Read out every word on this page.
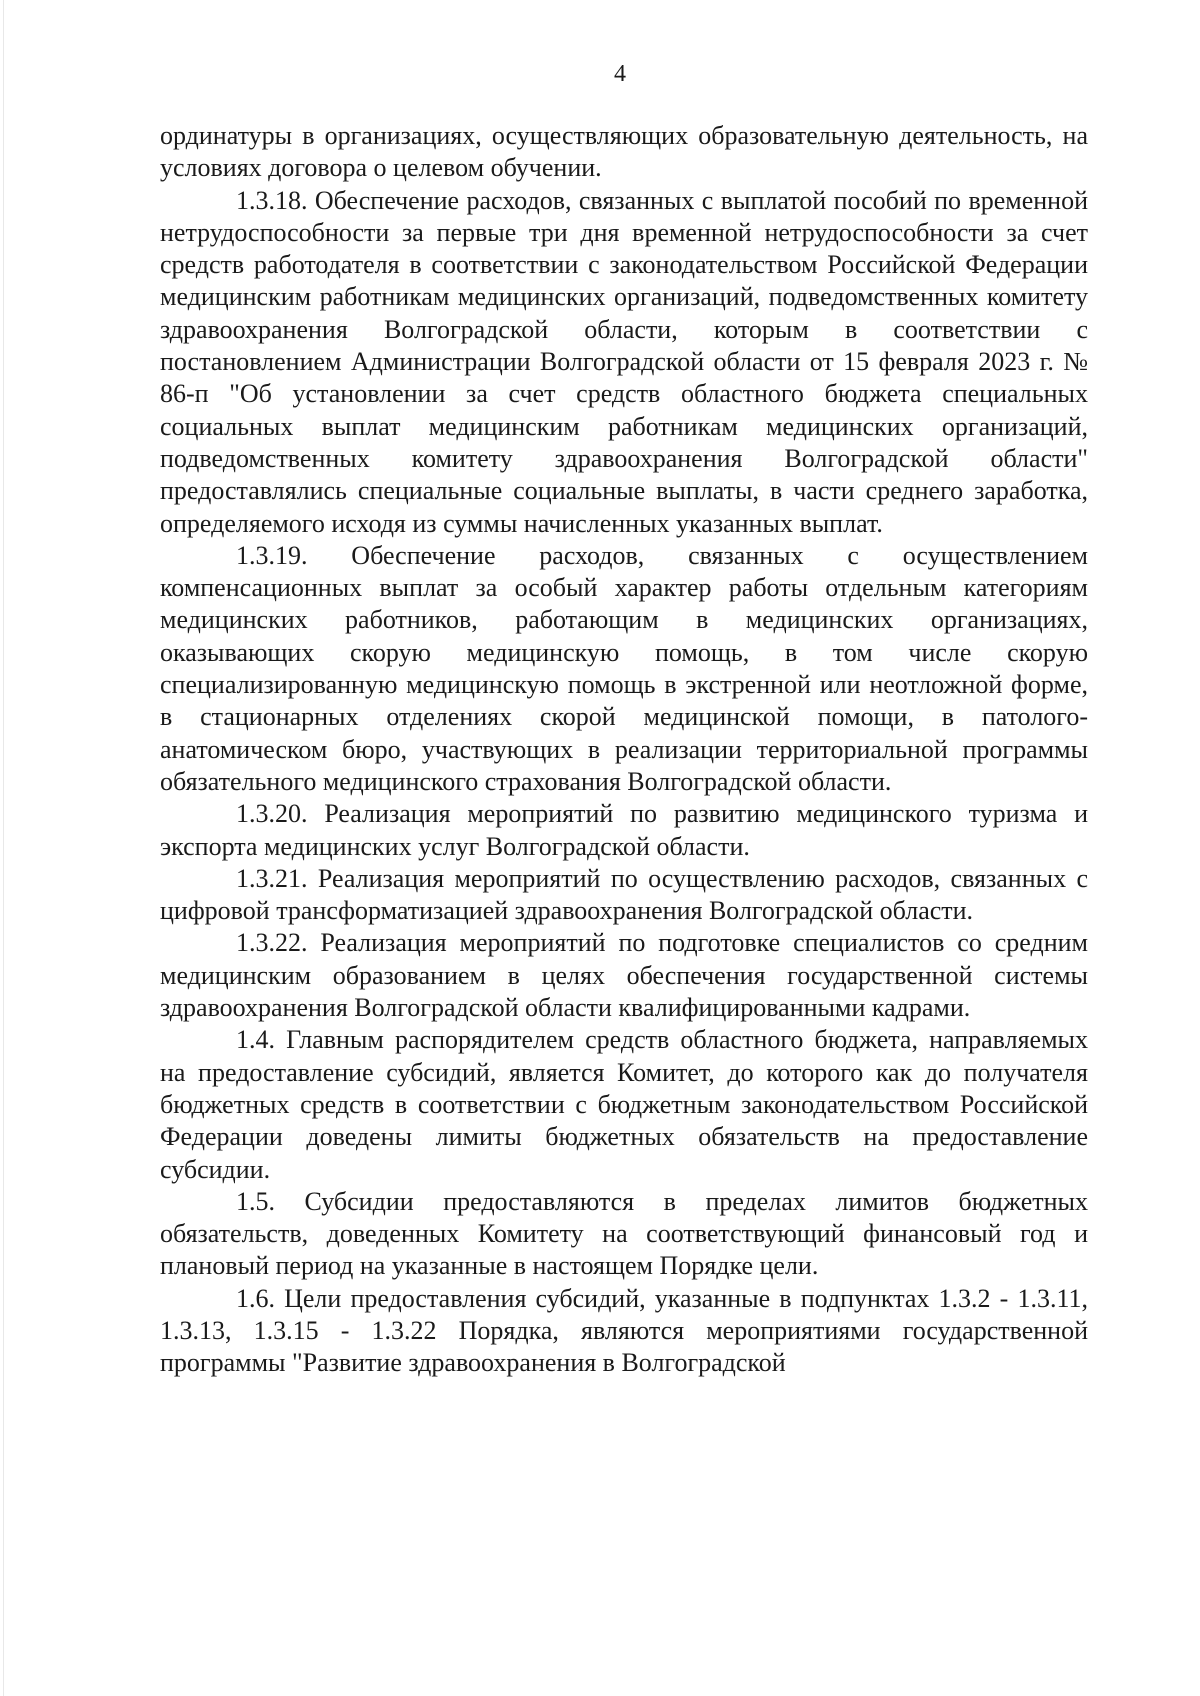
4

ординатуры в организациях, осуществляющих образовательную деятельность, на условиях договора о целевом обучении.

1.3.18. Обеспечение расходов, связанных с выплатой пособий по временной нетрудоспособности за первые три дня временной нетрудоспособности за счет средств работодателя в соответствии с законодательством Российской Федерации медицинским работникам медицинских организаций, подведомственных комитету здравоохранения Волгоградской области, которым в соответствии с постановлением Администрации Волгоградской области от 15 февраля 2023 г. № 86-п "Об установлении за счет средств областного бюджета специальных социальных выплат медицинским работникам медицинских организаций, подведомственных комитету здравоохранения Волгоградской области" предоставлялись специальные социальные выплаты, в части среднего заработка, определяемого исходя из суммы начисленных указанных выплат.

1.3.19. Обеспечение расходов, связанных с осуществлением компенсационных выплат за особый характер работы отдельным категориям медицинских работников, работающим в медицинских организациях, оказывающих скорую медицинскую помощь, в том числе скорую специализированную медицинскую помощь в экстренной или неотложной форме, в стационарных отделениях скорой медицинской помощи, в патолого-анатомическом бюро, участвующих в реализации территориальной программы обязательного медицинского страхования Волгоградской области.

1.3.20. Реализация мероприятий по развитию медицинского туризма и экспорта медицинских услуг Волгоградской области.

1.3.21. Реализация мероприятий по осуществлению расходов, связанных с цифровой трансформатизацией здравоохранения Волгоградской области.

1.3.22. Реализация мероприятий по подготовке специалистов со средним медицинским образованием в целях обеспечения государственной системы здравоохранения Волгоградской области квалифицированными кадрами.

1.4. Главным распорядителем средств областного бюджета, направляемых на предоставление субсидий, является Комитет, до которого как до получателя бюджетных средств в соответствии с бюджетным законодательством Российской Федерации доведены лимиты бюджетных обязательств на предоставление субсидии.

1.5. Субсидии предоставляются в пределах лимитов бюджетных обязательств, доведенных Комитету на соответствующий финансовый год и плановый период на указанные в настоящем Порядке цели.

1.6. Цели предоставления субсидий, указанные в подпунктах 1.3.2 - 1.3.11, 1.3.13, 1.3.15 - 1.3.22 Порядка, являются мероприятиями государственной программы "Развитие здравоохранения в Волгоградской
